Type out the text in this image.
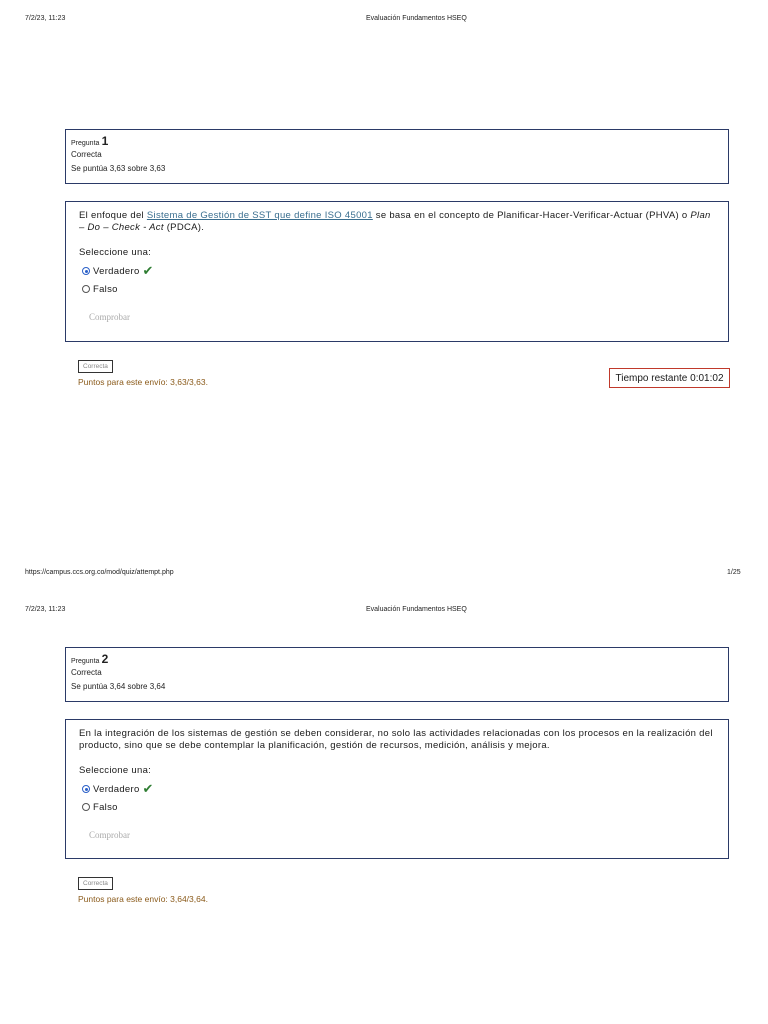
7/2/23, 11:23	Evaluación Fundamentos HSEQ
Pregunta 1
Correcta
Se puntúa 3,63 sobre 3,63
El enfoque del Sistema de Gestión de SST que define ISO 45001 se basa en el concepto de Planificar-Hacer-Verificar-Actuar (PHVA) o Plan – Do – Check - Act (PDCA).
Seleccione una:
Verdadero ✔
Falso
Comprobar
Correcta
Puntos para este envío: 3,63/3,63.	Tiempo restante 0:01:02
https://campus.ccs.org.co/mod/quiz/attempt.php	1/25
7/2/23, 11:23	Evaluación Fundamentos HSEQ
Pregunta 2
Correcta
Se puntúa 3,64 sobre 3,64
En la integración de los sistemas de gestión se deben considerar, no solo las actividades relacionadas con los procesos en la realización del producto, sino que se debe contemplar la planificación, gestión de recursos, medición, análisis y mejora.
Seleccione una:
Verdadero ✔
Falso
Comprobar
Correcta
Puntos para este envío: 3,64/3,64.
